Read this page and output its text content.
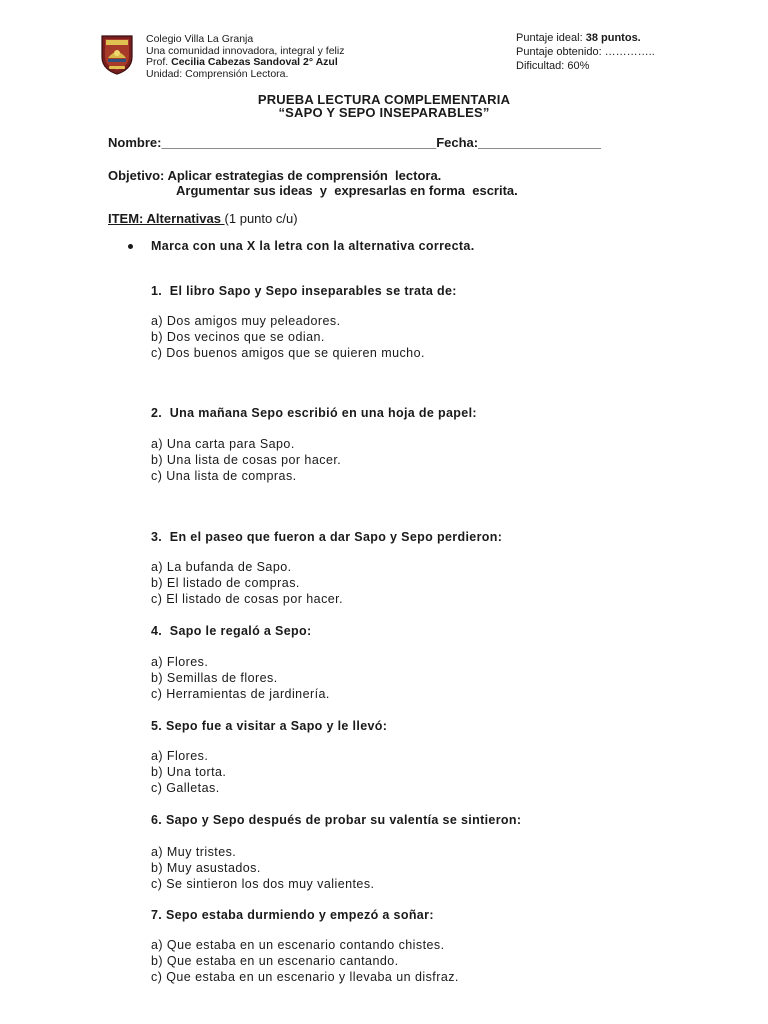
Colegio Villa La Granja
Una comunidad innovadora, integral y feliz
Prof. Cecilia Cabezas Sandoval 2° Azul
Unidad: Comprensión Lectora.
Puntaje ideal: 38 puntos.
Puntaje obtenido: …………..
Dificultad: 60%
PRUEBA LECTURA COMPLEMENTARIA
“SAPO Y SEPO INSEPARABLES”
Nombre:______________________________________Fecha:_________________
Objetivo: Aplicar estrategias de comprensión  lectora.
Argumentar sus ideas  y  expresarlas en forma  escrita.
ITEM: Alternativas (1 punto c/u)
Marca con una X la letra con la alternativa correcta.
1.  El libro Sapo y Sepo inseparables se trata de:
a) Dos amigos muy peleadores.
b) Dos vecinos que se odian.
c) Dos buenos amigos que se quieren mucho.
2.  Una mañana Sepo escribió en una hoja de papel:
a) Una carta para Sapo.
b) Una lista de cosas por hacer.
c) Una lista de compras.
3.  En el paseo que fueron a dar Sapo y Sepo perdieron:
a) La bufanda de Sapo.
b) El listado de compras.
c) El listado de cosas por hacer.
4.  Sapo le regaló a Sepo:
a) Flores.
b) Semillas de flores.
c) Herramientas de jardinería.
5. Sepo fue a visitar a Sapo y le llevó:
a) Flores.
b) Una torta.
c) Galletas.
6. Sapo y Sepo después de probar su valentía se sintieron:
a) Muy tristes.
b) Muy asustados.
c) Se sintieron los dos muy valientes.
7. Sepo estaba durmiendo y empezó a soñar:
a) Que estaba en un escenario contando chistes.
b) Que estaba en un escenario cantando.
c) Que estaba en un escenario y llevaba un disfraz.
